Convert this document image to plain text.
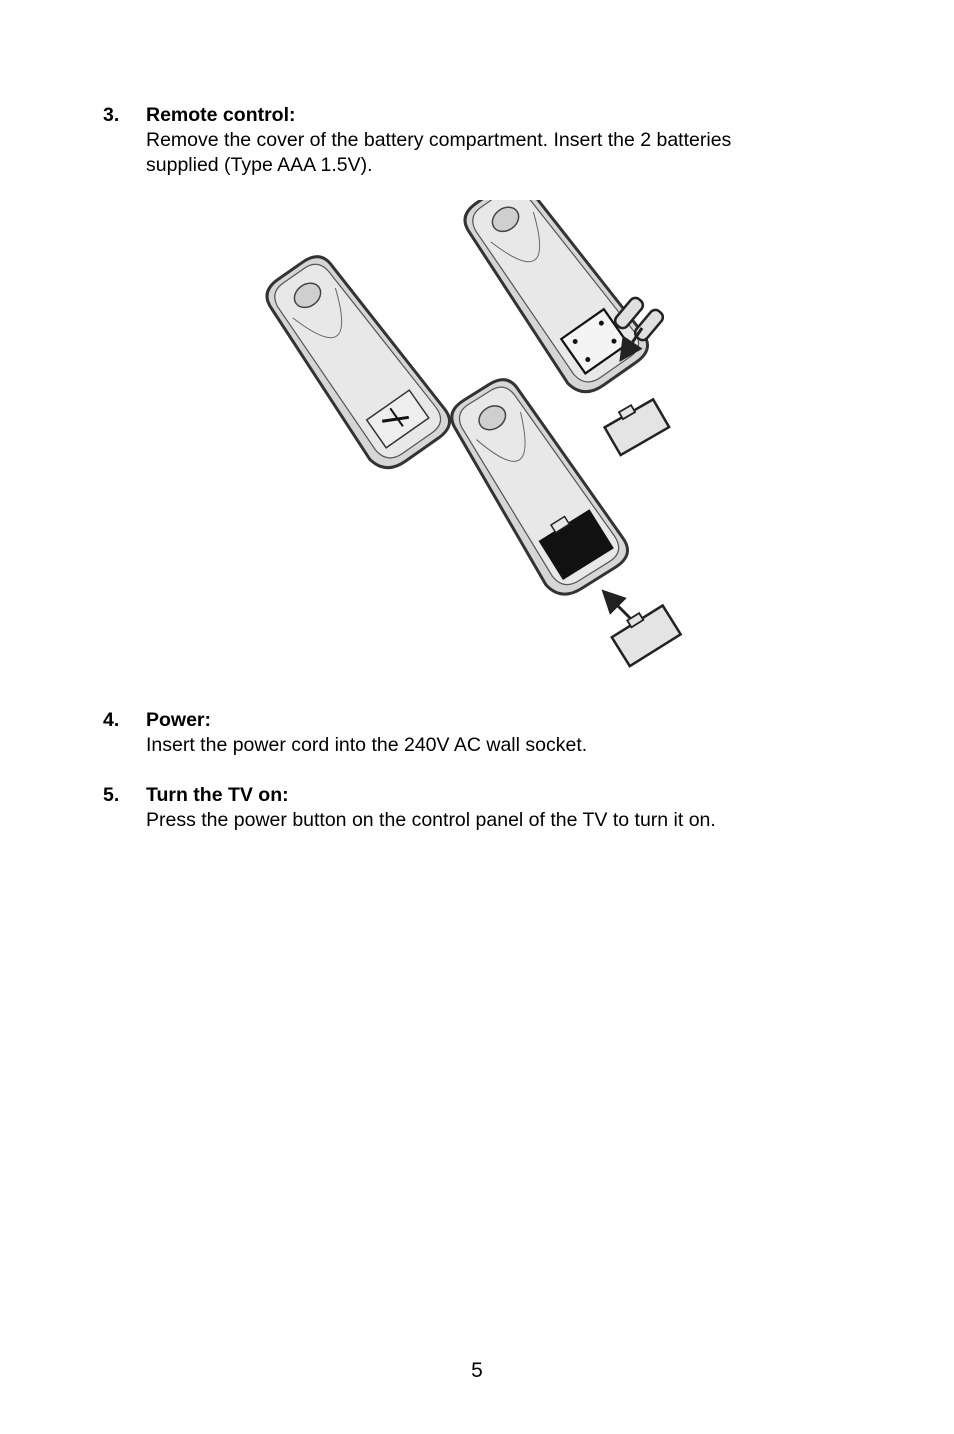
3. Remote control:
Remove the cover of the battery compartment. Insert the 2 batteries
supplied (Type AAA 1.5V).
4. Power:
Insert the power cord into the 240V AC wall socket.
5. Turn the TV on:
Press the power button on the control panel of the TV to turn it on.
5
